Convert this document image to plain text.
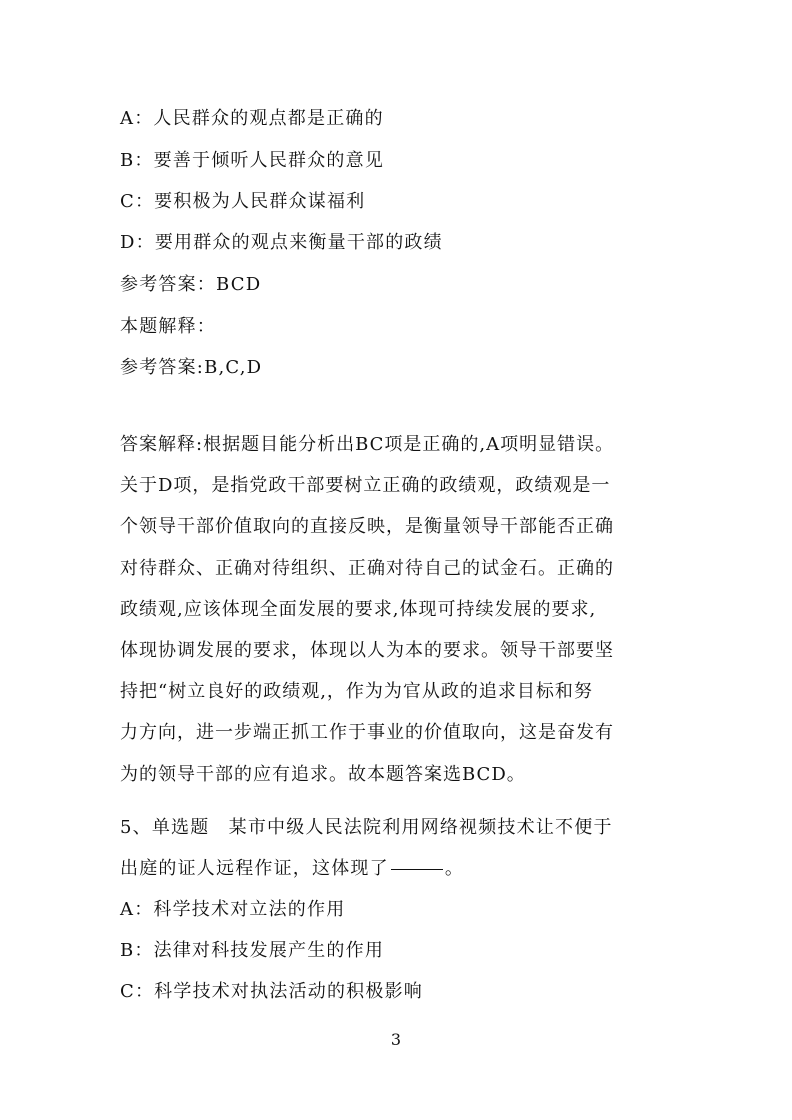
A：人民群众的观点都是正确的
B：要善于倾听人民群众的意见
C：要积极为人民群众谋福利
D：要用群众的观点来衡量干部的政绩
参考答案：BCD
本题解释：
参考答案:B,C,D
答案解释:根据题目能分析出BC项是正确的,A项明显错误。
关于D项，是指党政干部要树立正确的政绩观，政绩观是一
个领导干部价值取向的直接反映，是衡量领导干部能否正确
对待群众、正确对待组织、正确对待自己的试金石。正确的
政绩观,应该体现全面发展的要求,体现可持续发展的要求,
体现协调发展的要求，体现以人为本的要求。领导干部要坚
持把“树立良好的政绩观,，作为为官从政的追求目标和努
力方向，进一步端正抓工作于事业的价值取向，这是奋发有
为的领导干部的应有追求。故本题答案选BCD。
5、单选题　某市中级人民法院利用网络视频技术让不便于
出庭的证人远程作证，这体现了	。
A：科学技术对立法的作用
B：法律对科技发展产生的作用
C：科学技术对执法活动的积极影响
3
